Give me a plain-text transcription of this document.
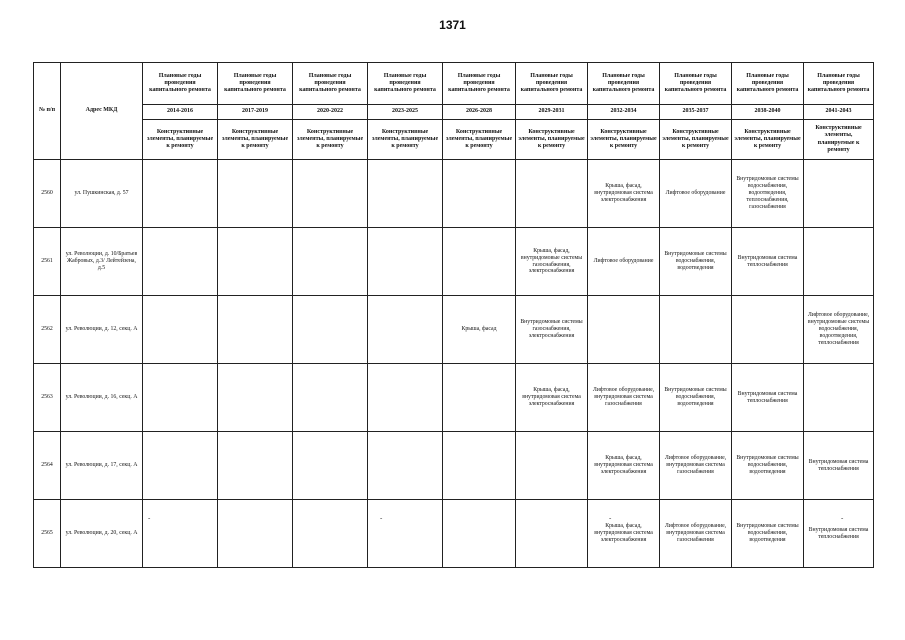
1371
№ п/п	Адрес МКД	Плановые годы проведения капитального ремонта	Плановые годы проведения капитального ремонта	Плановые годы проведения капитального ремонта	Плановые годы проведения капитального ремонта	Плановые годы проведения капитального ремонта	Плановые годы проведения капитального ремонта	Плановые годы проведения капитального ремонта	Плановые годы проведения капитального ремонта	Плановые годы проведения капитального ремонта	Плановые годы проведения капитального ремонта
		2014-2016	2017-2019	2020-2022	2023-2025	2026-2028	2029-2031	2032-2034	2035-2037	2038-2040	2041-2043
		Конструктивные элементы, планируемые к ремонту	Конструктивные элементы, планируемые к ремонту	Конструктивные элементы, планируемые к ремонту	Конструктивные элементы, планируемые к ремонту	Конструктивные элементы, планируемые к ремонту	Конструктивные элементы, планируемые к ремонту	Конструктивные элементы, планируемые к ремонту	Конструктивные элементы, планируемые к ремонту	Конструктивные элементы, планируемые к ремонту	Конструктивные элементы, планируемые к ремонту
2560	ул. Пушкинская, д. 57							Крыша, фасад, внутридомовая система электроснабжения	Лифтовое оборудование	Внутридомовые системы водоснабжения, водоотведения, теплоснабжения, газоснабжения	
2561	ул. Революции, д. 10/Братьев Жабровых, д.3/ Лейтейзена, д.5						Крыша, фасад, внутридомовые системы газоснабжения, электроснабжения	Лифтовое оборудование	Внутридомовые системы водоснабжения, водоотведения	Внутридомовая система теплоснабжения	
2562	ул. Революции, д. 12, секц. А					Крыша, фасад	Внутридомовые системы газоснабжения, электроснабжения				Лифтовое оборудование, внутридомовые системы водоснабжения, водоотведения, теплоснабжения
2563	ул. Революции, д. 16, секц. А						Крыша, фасад, внутридомовая система электроснабжения	Лифтовое оборудование, внутридомовая система газоснабжения	Внутридомовые системы водоснабжения, водоотведения	Внутридомовая система теплоснабжения	
2564	ул. Революции, д. 17, секц. А							Крыша, фасад, внутридомовая система электроснабжения	Лифтовое оборудование, внутридомовая система газоснабжения	Внутридомовые системы водоснабжения, водоотведения	Внутридомовая система теплоснабжения
2565	ул. Революции, д. 20, секц. А							Крыша, фасад, внутридомовая система электроснабжения	Лифтовое оборудование, внутридомовая система газоснабжения	Внутридомовые системы водоснабжения, водоотведения	Внутридомовая система теплоснабжения
-	-	-	-
